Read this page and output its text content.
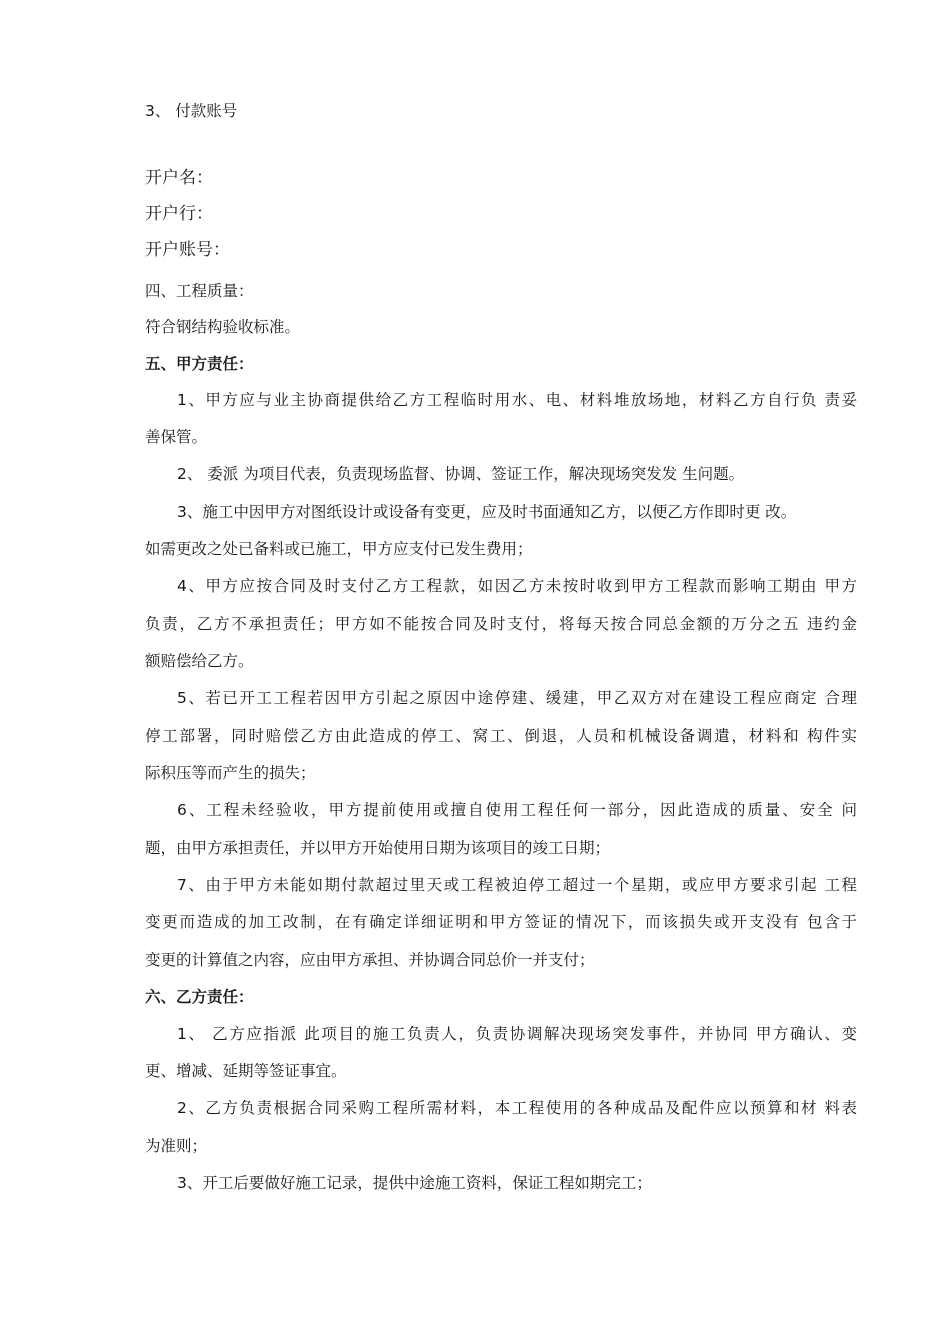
3、 付款账号
开户名：
开户行：
开户账号：
四、工程质量：
符合钢结构验收标准。
五、甲方责任：
1、甲方应与业主协商提供给乙方工程临时用水、电、材料堆放场地，材料乙方自行负 责妥
善保管。
2、 委派 为项目代表，负责现场监督、协调、签证工作，解决现场突发发 生问题。
3、施工中因甲方对图纸设计或设备有变更，应及时书面通知乙方，以便乙方作即时更 改。
如需更改之处已备料或已施工，甲方应支付已发生费用；
4、甲方应按合同及时支付乙方工程款，如因乙方未按时收到甲方工程款而影响工期由 甲方
负责，乙方不承担责任；甲方如不能按合同及时支付，将每天按合同总金额的万分之五 违约金
额赔偿给乙方。
5、若已开工工程若因甲方引起之原因中途停建、缓建，甲乙双方对在建设工程应商定 合理
停工部署，同时赔偿乙方由此造成的停工、窝工、倒退，人员和机械设备调遣，材料和 构件实
际积压等而产生的损失；
6、工程未经验收，甲方提前使用或擅自使用工程任何一部分，因此造成的质量、安全 问
题，由甲方承担责任，并以甲方开始使用日期为该项目的竣工日期；
7、由于甲方未能如期付款超过里天或工程被迫停工超过一个星期，或应甲方要求引起 工程
变更而造成的加工改制，在有确定详细证明和甲方签证的情况下，而该损失或开支没有 包含于
变更的计算值之内容，应由甲方承担、并协调合同总价一并支付；
六、乙方责任：
1、 乙方应指派 此项目的施工负责人，负责协调解决现场突发事件，并协同 甲方确认、变
更、增减、延期等签证事宜。
2、乙方负责根据合同采购工程所需材料，本工程使用的各种成品及配件应以预算和材 料表
为准则；
3、开工后要做好施工记录，提供中途施工资料，保证工程如期完工；
